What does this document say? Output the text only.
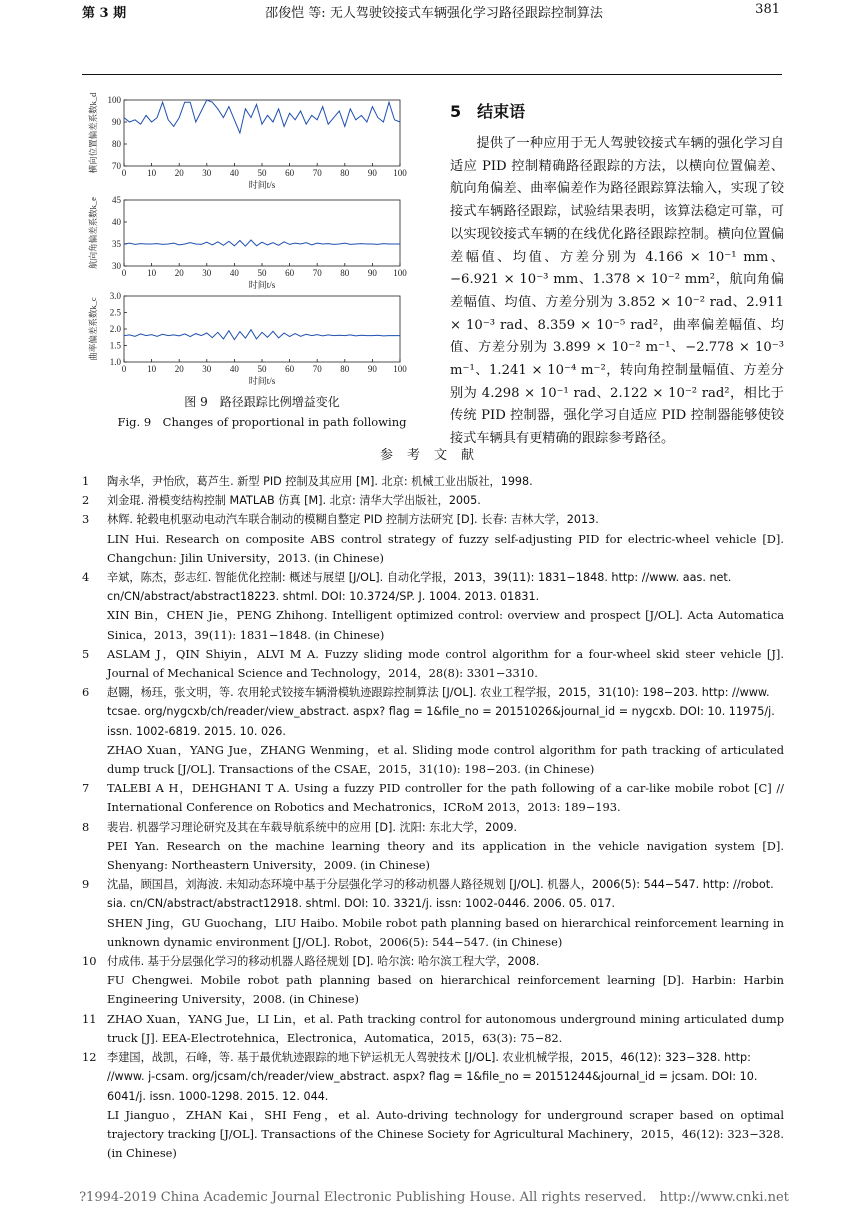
第 3 期	邵俊恺 等: 无人驾驶铰接式车辆强化学习路径跟踪控制算法	381
0 10 20 30 40 50 60 70 80 90 100
70
80
90
100
时间t/s
横向位置偏差系数k_d
0 10 20 30 40 50 60 70 80 90 100
30
35
40
45
时间t/s
航向角偏差系数k_e
0 10 20 30 40 50 60 70 80 90 100
1.0
1.5
2.0
2.5
3.0
时间t/s
曲率偏差系数k_c
图 9　路径跟踪比例增益变化
Fig. 9　Changes of proportional in path following
5　结束语

提供了一种应用于无人驾驶铰接式车辆的强化学习自适应 PID 控制精确路径跟踪的方法，以横向位置偏差、航向角偏差、曲率偏差作为路径跟踪算法输入，实现了铰接式车辆路径跟踪，试验结果表明，该算法稳定可靠，可以实现铰接式车辆的在线优化路径跟踪控制。横向位置偏差幅值、均值、方差分别为 4.166 × 10⁻¹ mm、−6.921 × 10⁻³ mm、1.378 × 10⁻² mm²，航向角偏差幅值、均值、方差分别为 3.852 × 10⁻² rad、2.911 × 10⁻³ rad、8.359 × 10⁻⁵ rad²，曲率偏差幅值、均值、方差分别为 3.899 × 10⁻² m⁻¹、−2.778 × 10⁻³ m⁻¹、1.241 × 10⁻⁴ m⁻²，转向角控制量幅值、方差分别为 4.298 × 10⁻¹ rad、2.122 × 10⁻² rad²，相比于传统 PID 控制器，强化学习自适应 PID 控制器能够使铰接式车辆具有更精确的跟踪参考路径。

参考文献
1 陶永华，尹怡欣，葛芦生. 新型 PID 控制及其应用 [M]. 北京: 机械工业出版社，1998.
2 刘金琨. 滑模变结构控制 MATLAB 仿真 [M]. 北京: 清华大学出版社，2005.
3 林辉. 轮毂电机驱动电动汽车联合制动的模糊自整定 PID 控制方法研究 [D]. 长春: 吉林大学，2013.
LIN Hui. Research on composite ABS control strategy of fuzzy self-adjusting PID for electric-wheel vehicle [D]. Changchun: Jilin University，2013. (in Chinese)
4 辛斌，陈杰，彭志红. 智能优化控制: 概述与展望 [J/OL]. 自动化学报，2013，39(11): 1831−1848. http: //www. aas. net. cn/CN/abstract/abstract18223. shtml. DOI: 10.3724/SP. J. 1004. 2013. 01831.
XIN Bin，CHEN Jie，PENG Zhihong. Intelligent optimized control: overview and prospect [J/OL]. Acta Automatica Sinica，2013，39(11): 1831−1848. (in Chinese)
5 ASLAM J，QIN Shiyin，ALVI M A. Fuzzy sliding mode control algorithm for a four-wheel skid steer vehicle [J]. Journal of Mechanical Science and Technology，2014，28(8): 3301−3310.
6 赵翾，杨珏，张文明，等. 农用轮式铰接车辆滑模轨迹跟踪控制算法 [J/OL]. 农业工程学报，2015，31(10): 198−203. http: //www. tcsae. org/nygcxb/ch/reader/view_abstract. aspx? flag = 1&file_no = 20151026&journal_id = nygcxb. DOI: 10. 11975/j. issn. 1002-6819. 2015. 10. 026.
ZHAO Xuan，YANG Jue，ZHANG Wenming，et al. Sliding mode control algorithm for path tracking of articulated dump truck [J/OL]. Transactions of the CSAE，2015，31(10): 198−203. (in Chinese)
7 TALEBI A H，DEHGHANI T A. Using a fuzzy PID controller for the path following of a car-like mobile robot [C] // International Conference on Robotics and Mechatronics，ICRoM 2013，2013: 189−193.
8 裴岩. 机器学习理论研究及其在车载导航系统中的应用 [D]. 沈阳: 东北大学，2009.
PEI Yan. Research on the machine learning theory and its application in the vehicle navigation system [D]. Shenyang: Northeastern University，2009. (in Chinese)
9 沈晶，顾国昌，刘海波. 未知动态环境中基于分层强化学习的移动机器人路径规划 [J/OL]. 机器人，2006(5): 544−547. http: //robot. sia. cn/CN/abstract/abstract12918. shtml. DOI: 10. 3321/j. issn: 1002-0446. 2006. 05. 017.
SHEN Jing，GU Guochang，LIU Haibo. Mobile robot path planning based on hierarchical reinforcement learning in unknown dynamic environment [J/OL]. Robot，2006(5): 544−547. (in Chinese)
10 付成伟. 基于分层强化学习的移动机器人路径规划 [D]. 哈尔滨: 哈尔滨工程大学，2008.
FU Chengwei. Mobile robot path planning based on hierarchical reinforcement learning [D]. Harbin: Harbin Engineering University，2008. (in Chinese)
11 ZHAO Xuan，YANG Jue，LI Lin，et al. Path tracking control for autonomous underground mining articulated dump truck [J]. EEA-Electrotehnica，Electronica，Automatica，2015，63(3): 75−82.
12 李建国，战凯，石峰，等. 基于最优轨迹跟踪的地下铲运机无人驾驶技术 [J/OL]. 农业机械学报，2015，46(12): 323−328. http: //www. j-csam. org/jcsam/ch/reader/view_abstract. aspx? flag = 1&file_no = 20151244&journal_id = jcsam. DOI: 10. 6041/j. issn. 1000-1298. 2015. 12. 044.
LI Jianguo，ZHAN Kai，SHI Feng，et al. Auto-driving technology for underground scraper based on optimal trajectory tracking [J/OL]. Transactions of the Chinese Society for Agricultural Machinery，2015，46(12): 323−328. (in Chinese)
?1994-2019 China Academic Journal Electronic Publishing House. All rights reserved.　http://www.cnki.net
